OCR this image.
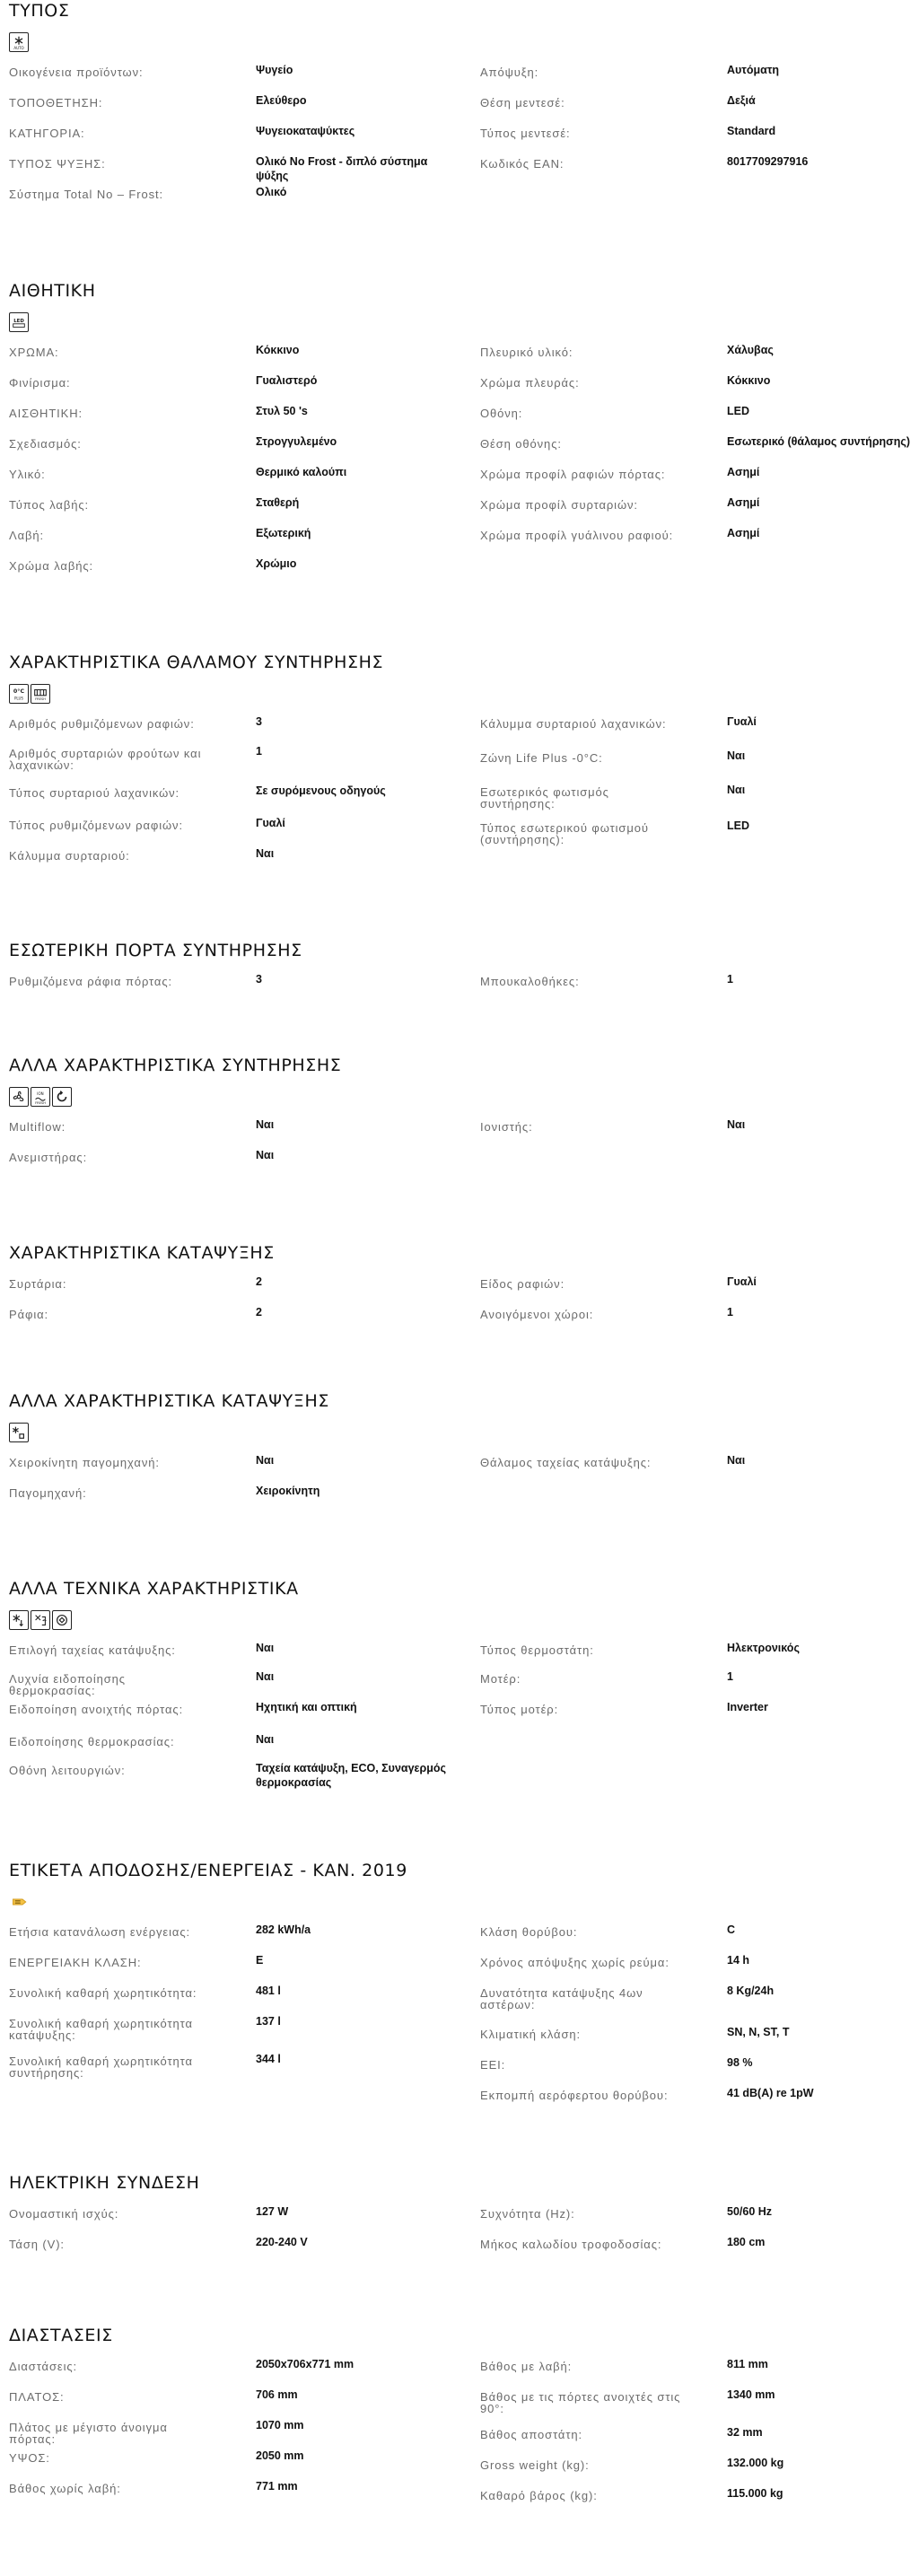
ΤΥΠΟΣ
AUTO
Οικογένεια προϊόντων:	Ψυγείο
ΤΟΠΟΘΕΤΗΣΗ:	Ελεύθερο
ΚΑΤΗΓΟΡΙΑ:	Ψυγειοκαταψύκτες
ΤΥΠΟΣ ΨΥΞΗΣ:	Ολικό No Frost - διπλό σύστημα ψύξης
Σύστημα Total No – Frost:	Ολικό
Απόψυξη:	Αυτόματη
Θέση μεντεσέ:	Δεξιά
Τύπος μεντεσέ:	Standard
Κωδικός EAN:	8017709297916
ΑΙΘΗΤΙΚΗ
LED
ΧΡΩΜΑ:	Κόκκινο
Φινίρισμα:	Γυαλιστερό
ΑΙΣΘΗΤΙΚΗ:	Στυλ 50 's
Σχεδιασμός:	Στρογγυλεμένο
Υλικό:	Θερμικό καλούπι
Τύπος λαβής:	Σταθερή
Λαβή:	Εξωτερική
Χρώμα λαβής:	Χρώμιο
Πλευρικό υλικό:	Χάλυβας
Χρώμα πλευράς:	Κόκκινο
Οθόνη:	LED
Θέση οθόνης:	Εσωτερικό (θάλαμος συντήρησης)
Χρώμα προφίλ ραφιών πόρτας:	Ασημί
Χρώμα προφίλ συρταριών:	Ασημί
Χρώμα προφίλ γυάλινου ραφιού:	Ασημί
ΧΑΡΑΚΤΗΡΙΣΤΙΚΑ ΘΑΛΑΜΟΥ ΣΥΝΤΗΡΗΣΗΣ
0°C
PLUS	FRESH
Αριθμός ρυθμιζόμενων ραφιών:	3
Αριθμός συρταριών φρούτων και λαχανικών:
1
Τύπος συρταριού λαχανικών:	Σε συρόμενους οδηγούς
Τύπος ρυθμιζόμενων ραφιών:	Γυαλί
Κάλυμμα συρταριού:	Ναι
Κάλυμμα συρταριού λαχανικών:	Γυαλί
Ζώνη Life Plus -0°C:	Ναι
Εσωτερικός φωτισμός συντήρησης:
Ναι
Τύπος εσωτερικού φωτισμού (συντήρησης):
LED
ΕΣΩΤΕΡΙΚΗ ΠΟΡΤΑ ΣΥΝΤΗΡΗΣΗΣ
Ρυθμιζόμενα ράφια πόρτας:	3	Μπουκαλοθήκες:	1
ΑΛΛΑ ΧΑΡΑΚΤΗΡΙΣΤΙΚΑ ΣΥΝΤΗΡΗΣΗΣ
ION
FRESH
Multiflow:	Ναι
Ανεμιστήρας:	Ναι
Ιονιστής:	Ναι
ΧΑΡΑΚΤΗΡΙΣΤΙΚΑ ΚΑΤΑΨΥΞΗΣ
Συρτάρια:	2
Ράφια:	2
Είδος ραφιών:	Γυαλί
Ανοιγόμενοι χώροι:	1
ΑΛΛΑ ΧΑΡΑΚΤΗΡΙΣΤΙΚΑ ΚΑΤΑΨΥΞΗΣ
Χειροκίνητη παγομηχανή:	Ναι
Παγομηχανή:	Χειροκίνητη
Θάλαμος ταχείας κατάψυξης:	Ναι
ΑΛΛΑ ΤΕΧΝΙΚΑ ΧΑΡΑΚΤΗΡΙΣΤΙΚΑ
Επιλογή ταχείας κατάψυξης:	Ναι
Λυχνία ειδοποίησης θερμοκρασίας:
Ναι
Ειδοποίηση ανοιχτής πόρτας:	Ηχητική και οπτική
Ειδοποίησης θερμοκρασίας:	Ναι
Οθόνη λειτουργιών:	Ταχεία κατάψυξη, ECO, Συναγερμός θερμοκρασίας
Τύπος θερμοστάτη:	Ηλεκτρονικός
Μοτέρ:	1
Τύπος μοτέρ:	Inverter
ΕΤΙΚΕΤΑ ΑΠΟΔΟΣΗΣ/ΕΝΕΡΓΕΙΑΣ - ΚΑΝ. 2019
Ετήσια κατανάλωση ενέργειας:	282 kWh/a
ΕΝΕΡΓΕΙΑΚΗ ΚΛΑΣΗ:	E
Συνολική καθαρή χωρητικότητα:	481 l
Συνολική καθαρή χωρητικότητα κατάψυξης:
137 l
Συνολική καθαρή χωρητικότητα συντήρησης:
344 l
Κλάση θορύβου:	C
Χρόνος απόψυξης χωρίς ρεύμα:	14 h
Δυνατότητα κατάψυξης 4ων αστέρων:
8 Kg/24h
Κλιματική κλάση:	SN, N, ST, T
EEI:	98 %
Εκπομπή αερόφερτου θορύβου:	41 dB(A) re 1pW
ΗΛΕΚΤΡΙΚΗ ΣΥΝΔΕΣΗ
Ονομαστική ισχύς:	127 W
Τάση (V):	220-240 V
Συχνότητα (Hz):	50/60 Hz
Μήκος καλωδίου τροφοδοσίας:	180 cm
ΔΙΑΣΤΑΣΕΙΣ
Διαστάσεις:	2050x706x771 mm
ΠΛΑΤΟΣ:	706 mm
Πλάτος με μέγιστο άνοιγμα πόρτας:
1070 mm
ΥΨΟΣ:	2050 mm
Βάθος χωρίς λαβή:	771 mm
Βάθος με λαβή:	811 mm
Βάθος με τις πόρτες ανοιχτές στις 90°:
1340 mm
Βάθος αποστάτη:	32 mm
Gross weight (kg):	132.000 kg
Καθαρό βάρος (kg):	115.000 kg
